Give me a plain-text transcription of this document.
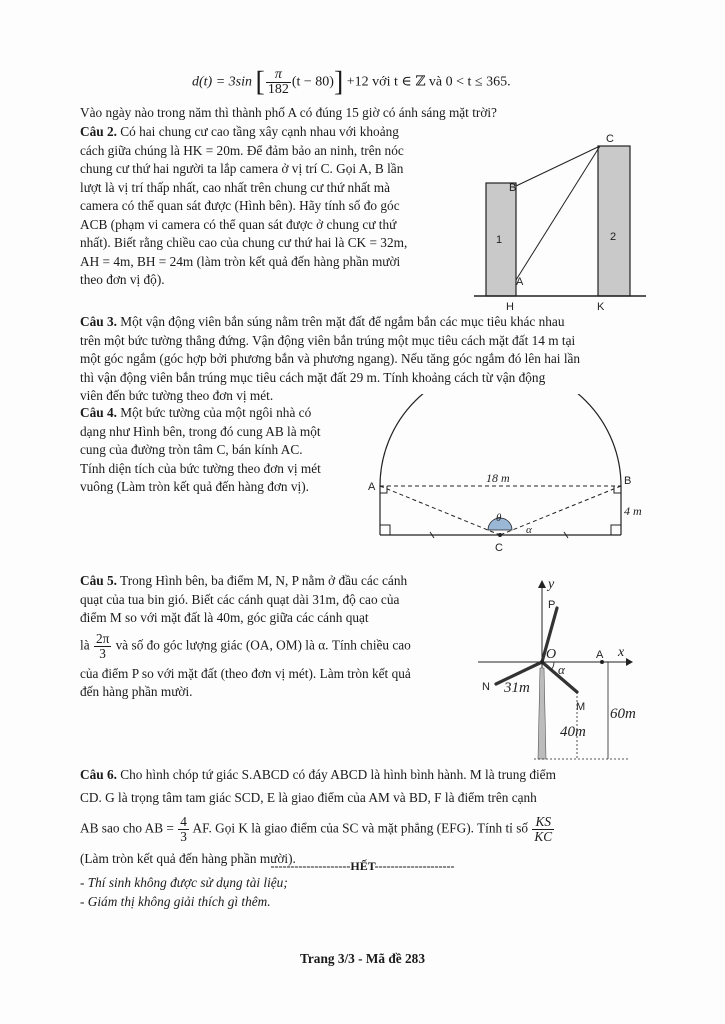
d(t) = 3sin [ $\frac{\pi}{182} (t - 80)] +12$ với t ∈ ℤ và 0 < t ≤ 365.
Vào ngày nào trong năm thì thành phố A có đúng 15 giờ có ánh sáng mặt trời?
Câu 2. Có hai chung cư cao tầng xây cạnh nhau với khoảng
cách giữa chúng là HK = 20m. Để đảm bảo an ninh, trên nóc
chung cư thứ hai người ta lắp camera ở vị trí C. Gọi A, B lần
lượt là vị trí thấp nhất, cao nhất trên chung cư thứ nhất mà
camera có thể quan sát được (Hình bên). Hãy tính số đo góc
ACB (phạm vi camera có thể quan sát được ở chung cư thứ
nhất). Biết rằng chiều cao của chung cư thứ hai là CK = 32m,
AH = 4m, BH = 24m (làm tròn kết quả đến hàng phần mười
theo đơn vị độ).
C
B
A
1	2
H	K
Câu 3. Một vận động viên bắn súng nằm trên mặt đất để ngắm bắn các mục tiêu khác nhau
trên một bức tường thẳng đứng. Vận động viên bắn trúng một mục tiêu cách mặt đất 14 m tại
một góc ngắm (góc hợp bởi phương bắn và phương ngang). Nếu tăng góc ngắm đó lên hai lần
thì vận động viên bắn trúng mục tiêu cách mặt đất 29 m. Tính khoảng cách từ vận động
viên đến bức tường theo đơn vị mét.
Câu 4. Một bức tường của một ngôi nhà có
dạng như Hình bên, trong đó cung AB là một
cung của đường tròn tâm C, bán kính AC.
Tính diện tích của bức tường theo đơn vị mét
vuông (Làm tròn kết quả đến hàng đơn vị).	A	B
C
18 m
4 m
θ
α
Câu 5. Trong Hình bên, ba điểm M, N, P nằm ở đầu các cánh
quạt của tua bin gió. Biết các cánh quạt dài 31m, độ cao của
điểm M so với mặt đất là 40m, góc giữa các cánh quạt
là $\frac{2\pi}{3}$ và số đo góc lượng giác (OA, OM) là α. Tính chiều cao
của điểm P so với mặt đất (theo đơn vị mét). Làm tròn kết quả
đến hàng phần mười.
y
x
P
O	A
α
N 31m
M 60m
40m
Câu 6. Cho hình chóp tứ giác S.ABCD có đáy ABCD là hình bình hành. M là trung điểm
CD. G là trọng tâm tam giác SCD, E là giao điểm của AM và BD, F là điểm trên cạnh
AB sao cho AB = $\frac{4}{3}$ AF. Gọi K là giao điểm của SC và mặt phẳng (EFG). Tính tỉ số $\frac{KS}{KC}$
(Làm tròn kết quả đến hàng phần mười).
--------------------HẾT--------------------
- Thí sinh không được sử dụng tài liệu;
- Giám thị không giải thích gì thêm.
Trang 3/3 - Mã đề 283
